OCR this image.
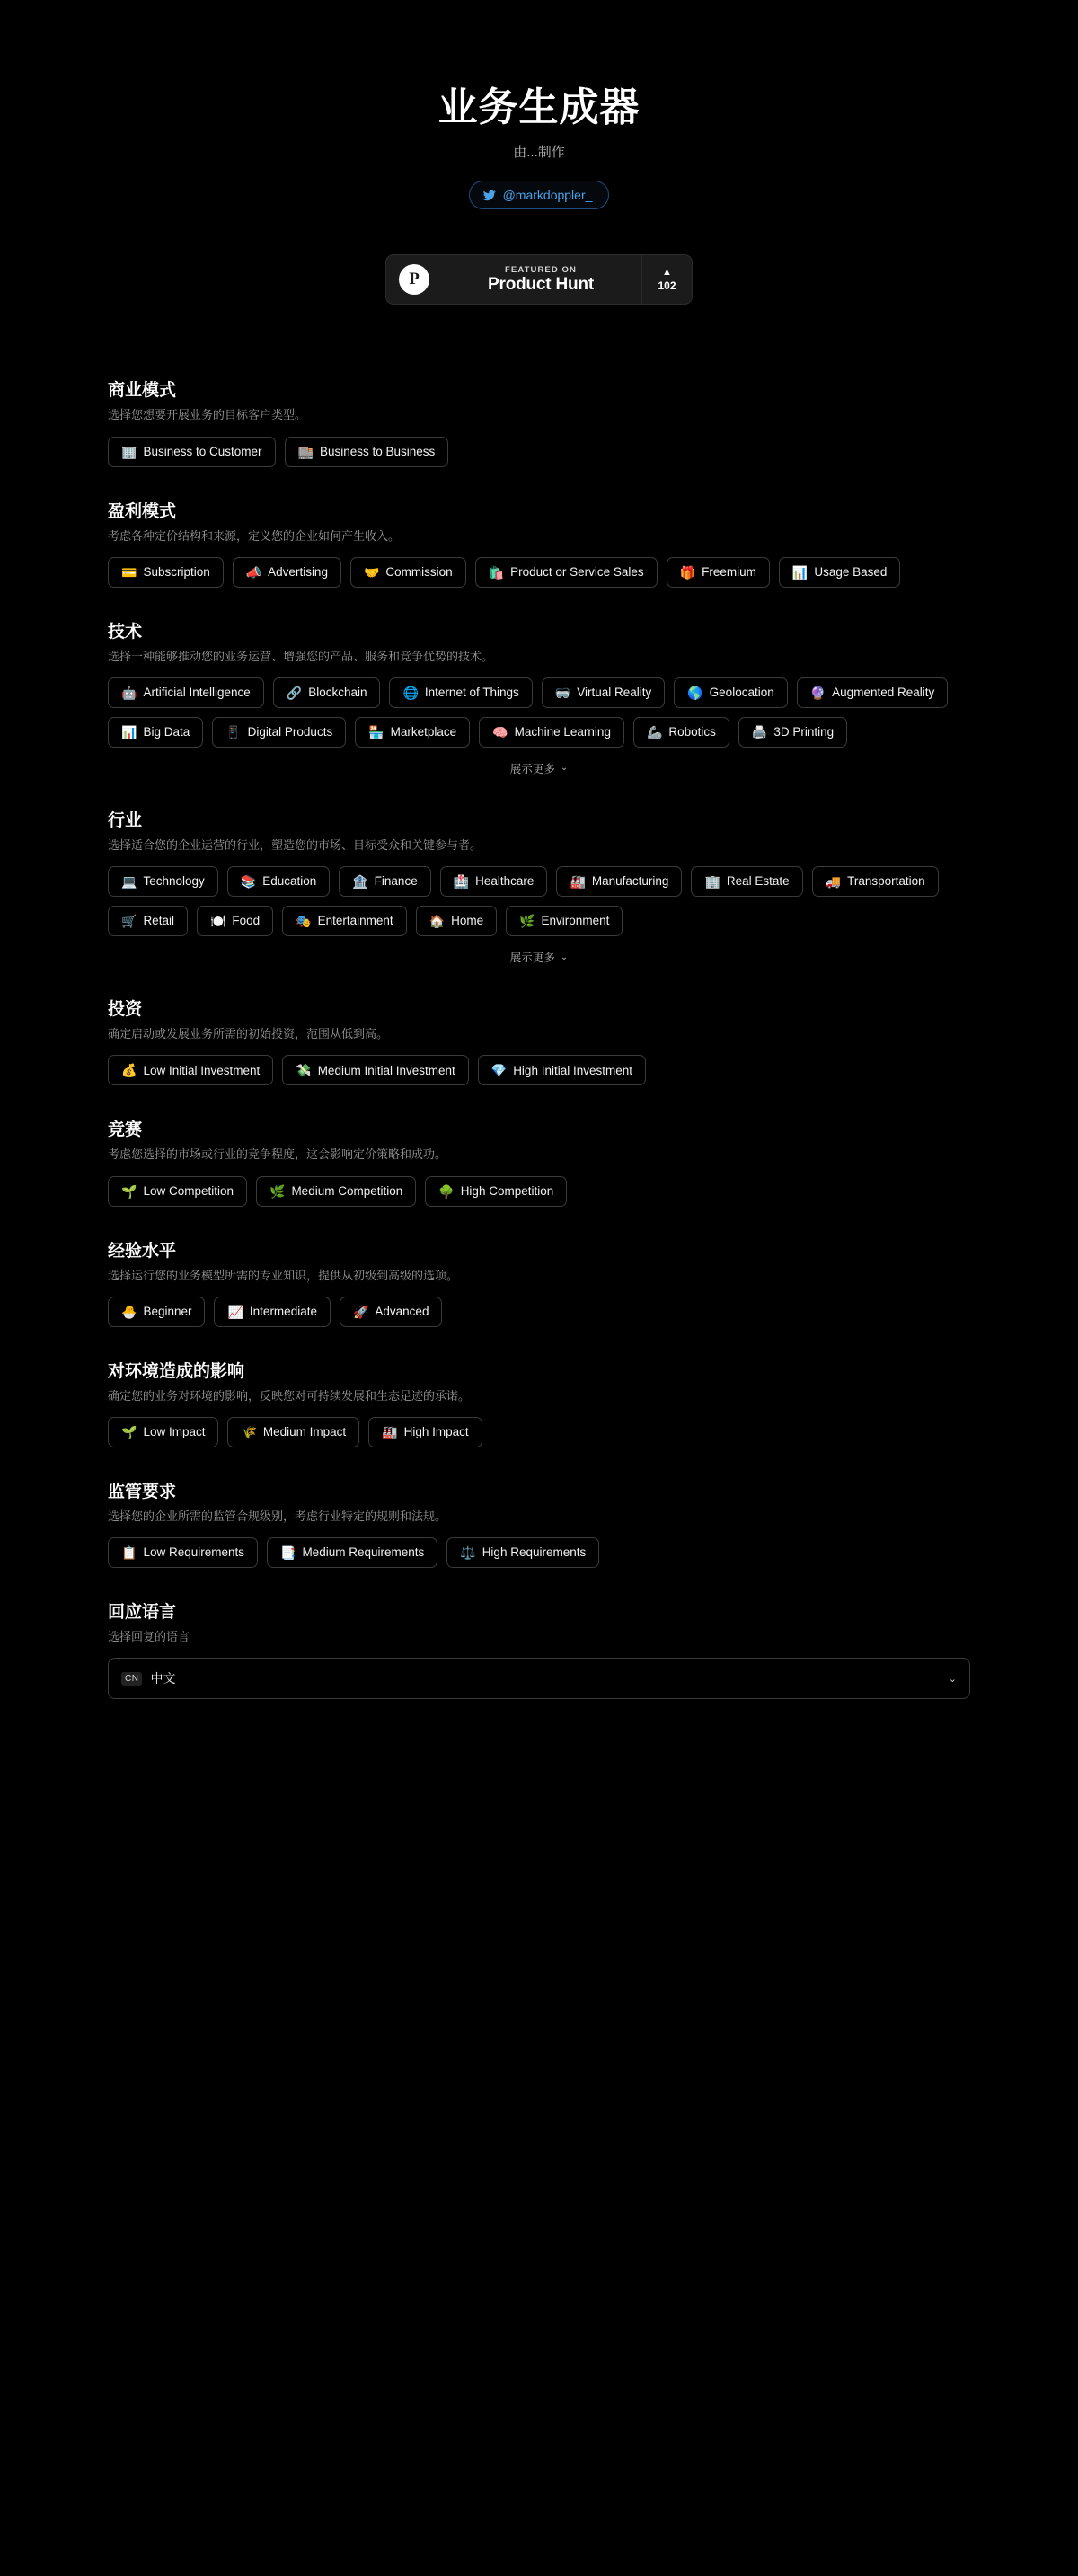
业务生成器

由...制作

@markdoppler_
P	FEATURED ON
Product Hunt
▲
102
商业模式

选择您想要开展业务的目标客户类型。

🏢 Business to Customer	🏬 Business to Business
盈利模式

考虑各种定价结构和来源，定义您的企业如何产生收入。

💳 Subscription	📣 Advertising	🤝 Commission	🛍️ Product or Service Sales	🎁 Freemium	📊 Usage Based
技术

选择一种能够推动您的业务运营、增强您的产品、服务和竞争优势的技术。

🤖 Artificial Intelligence	🔗 Blockchain	🌐 Internet of Things	🥽 Virtual Reality	🌎 Geolocation	🔮 Augmented Reality
📊 Big Data	📱 Digital Products	🏪 Marketplace	🧠 Machine Learning	🦾 Robotics	🖨️ 3D Printing
展示更多 ⌄
行业

选择适合您的企业运营的行业，塑造您的市场、目标受众和关键参与者。

💻 Technology	📚 Education	🏦 Finance	🏥 Healthcare	🏭 Manufacturing	🏢 Real Estate	🚚 Transportation
🛒 Retail	🍽️ Food	🎭 Entertainment	🏠 Home	🌿 Environment
展示更多 ⌄
投资

确定启动或发展业务所需的初始投资，范围从低到高。

💰 Low Initial Investment	💸 Medium Initial Investment	💎 High Initial Investment
竞赛

考虑您选择的市场或行业的竞争程度，这会影响定价策略和成功。

🌱 Low Competition	🌿 Medium Competition	🌳 High Competition
经验水平

选择运行您的业务模型所需的专业知识，提供从初级到高级的选项。

🐣 Beginner	📈 Intermediate	🚀 Advanced
对环境造成的影响

确定您的业务对环境的影响，反映您对可持续发展和生态足迹的承诺。

🌱 Low Impact	🌾 Medium Impact	🏭 High Impact
监管要求

选择您的企业所需的监管合规级别，考虑行业特定的规则和法规。

📋 Low Requirements	📑 Medium Requirements	⚖️ High Requirements
回应语言

选择回复的语言

CN 中文	⌄
